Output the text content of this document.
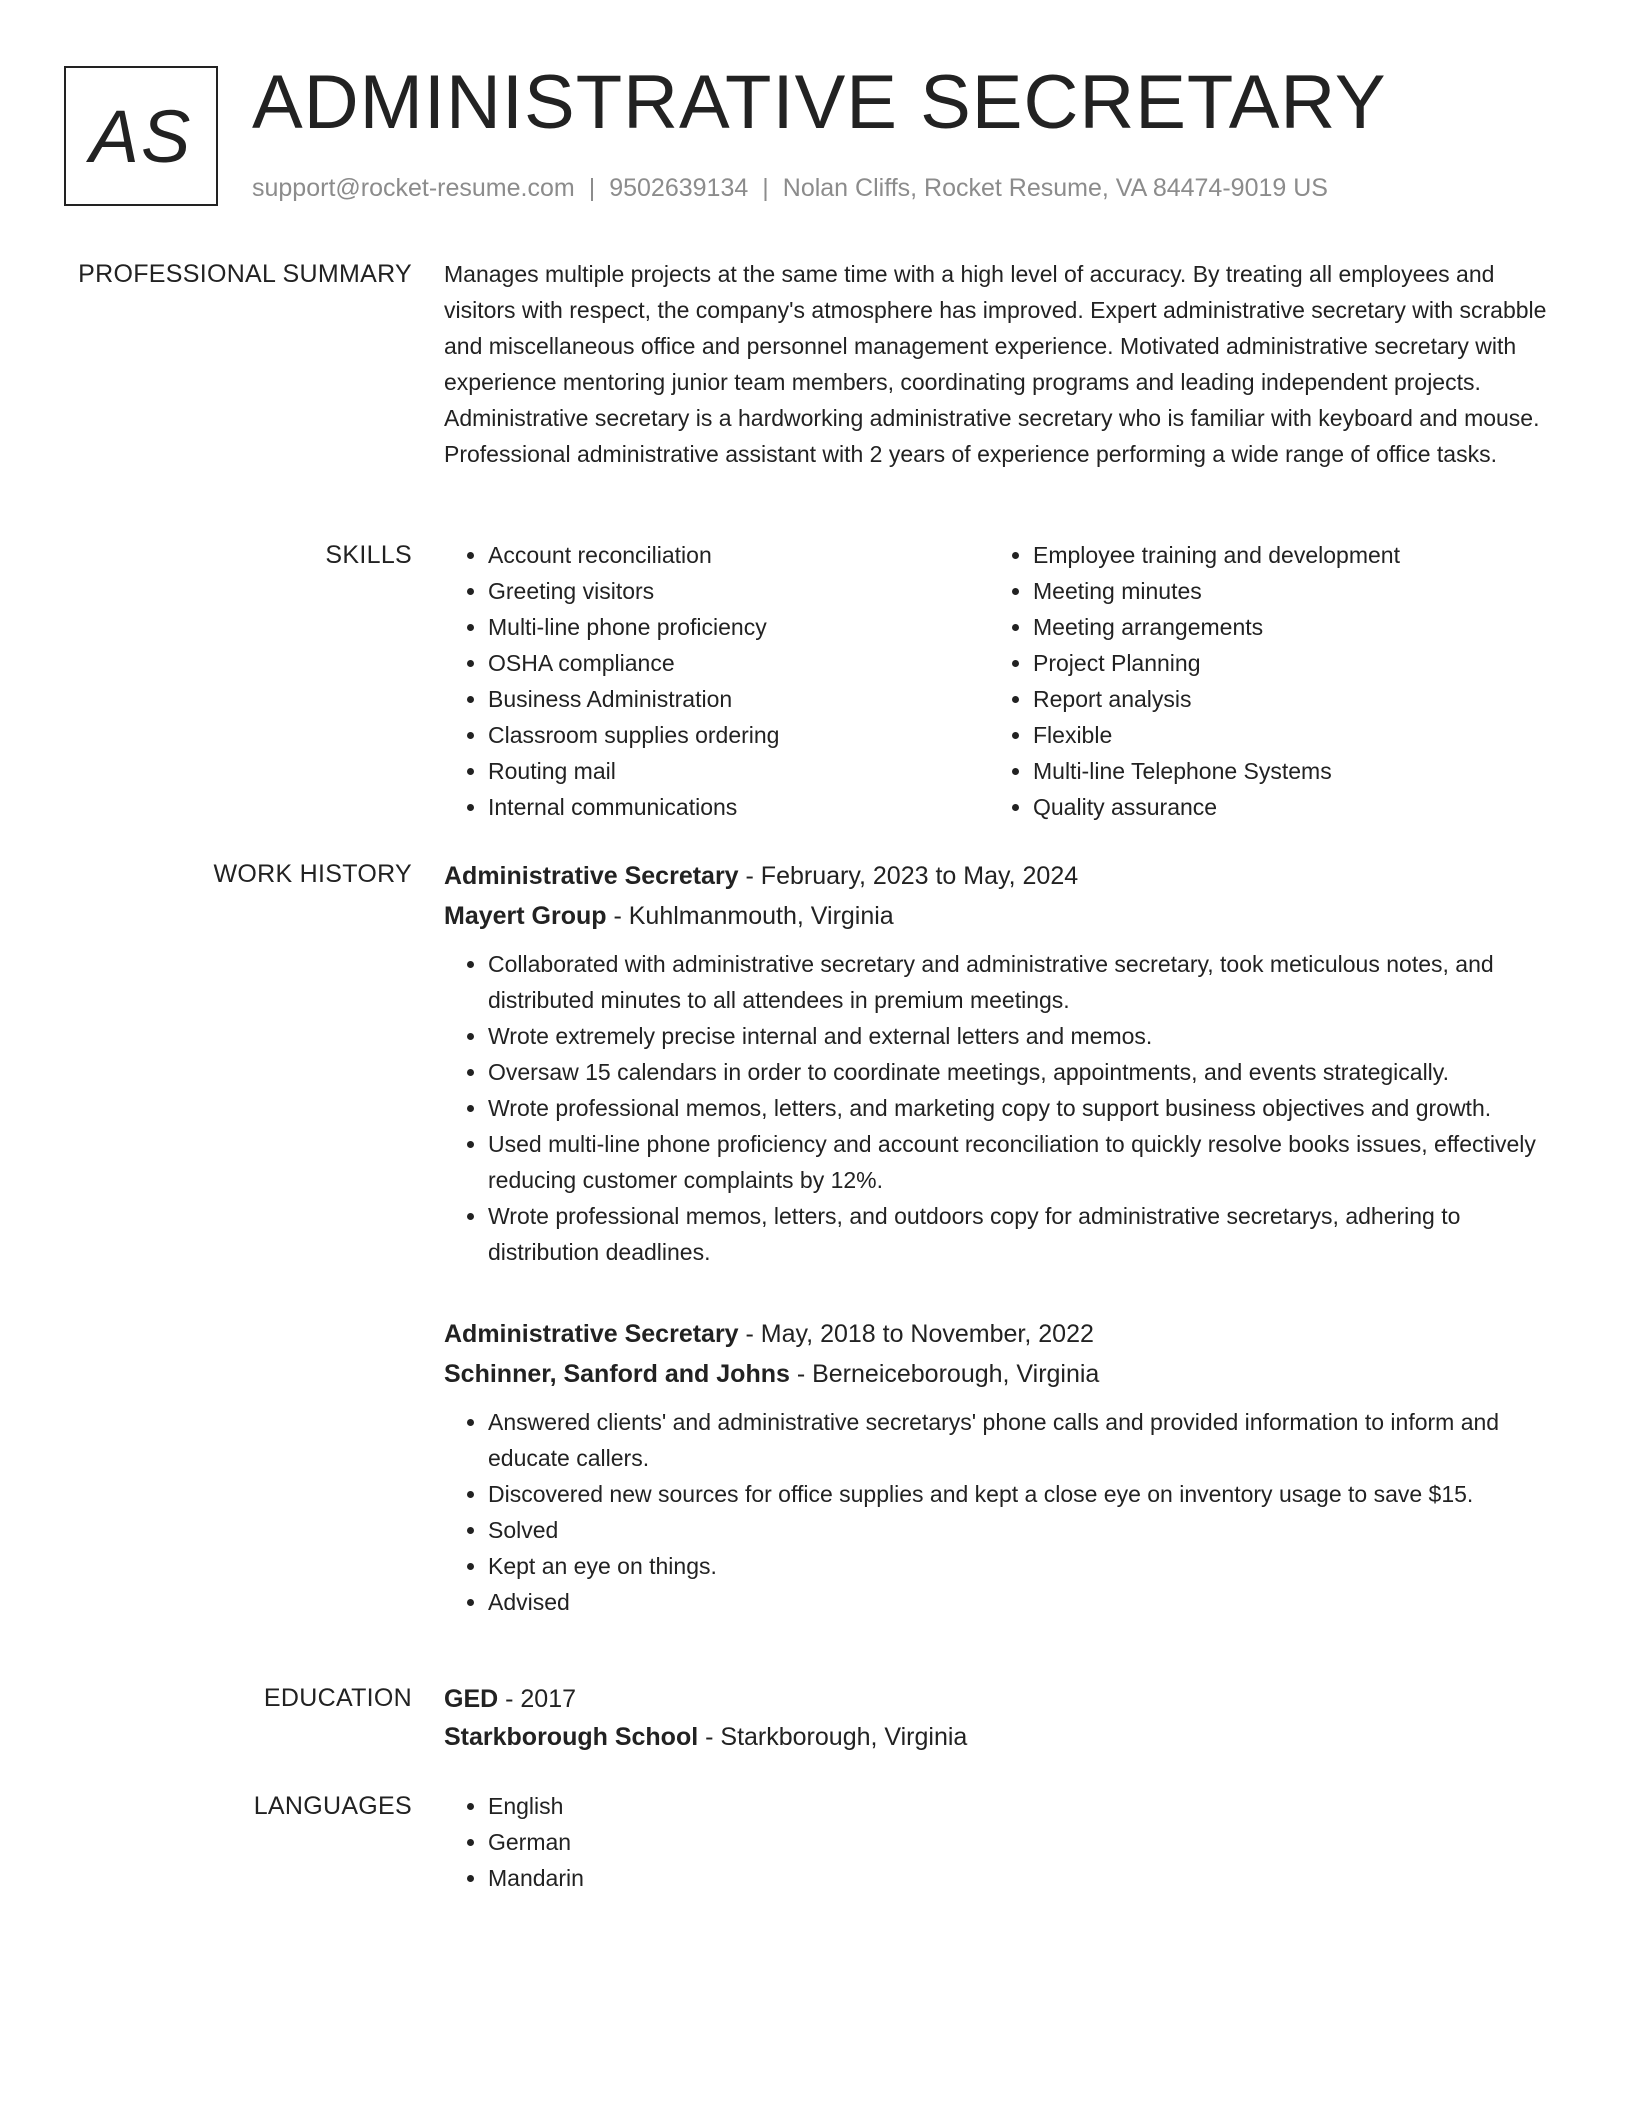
AS ADMINISTRATIVE SECRETARY
support@rocket-resume.com | 9502639134 | Nolan Cliffs, Rocket Resume, VA 84474-9019 US
PROFESSIONAL SUMMARY Manages multiple projects at the same time with a high level of accuracy. By treating all employees and visitors with respect, the company's atmosphere has improved. Expert administrative secretary with scrabble and miscellaneous office and personnel management experience. Motivated administrative secretary with experience mentoring junior team members, coordinating programs and leading independent projects. Administrative secretary is a hardworking administrative secretary who is familiar with keyboard and mouse. Professional administrative assistant with 2 years of experience performing a wide range of office tasks.

SKILLS	• Account reconciliation
• Greeting visitors
• Multi-line phone proficiency
• OSHA compliance
• Business Administration
• Classroom supplies ordering
• Routing mail
• Internal communications
• Employee training and development
• Meeting minutes
• Meeting arrangements
• Project Planning
• Report analysis
• Flexible
• Multi-line Telephone Systems
• Quality assurance
WORK HISTORY Administrative Secretary - February, 2023 to May, 2024
Mayert Group - Kuhlmanmouth, Virginia
• Collaborated with administrative secretary and administrative secretary, took meticulous notes, and distributed minutes to all attendees in premium meetings.
• Wrote extremely precise internal and external letters and memos.
• Oversaw 15 calendars in order to coordinate meetings, appointments, and events strategically.
• Wrote professional memos, letters, and marketing copy to support business objectives and growth.
• Used multi-line phone proficiency and account reconciliation to quickly resolve books issues, effectively reducing customer complaints by 12%.
• Wrote professional memos, letters, and outdoors copy for administrative secretarys, adhering to distribution deadlines.
Administrative Secretary - May, 2018 to November, 2022
Schinner, Sanford and Johns - Berneiceborough, Virginia
• Answered clients' and administrative secretarys' phone calls and provided information to inform and educate callers.
• Discovered new sources for office supplies and kept a close eye on inventory usage to save $15.
• Solved
• Kept an eye on things.
• Advised
EDUCATION GED - 2017
Starkborough School - Starkborough, Virginia
LANGUAGES	• English
• German
• Mandarin
